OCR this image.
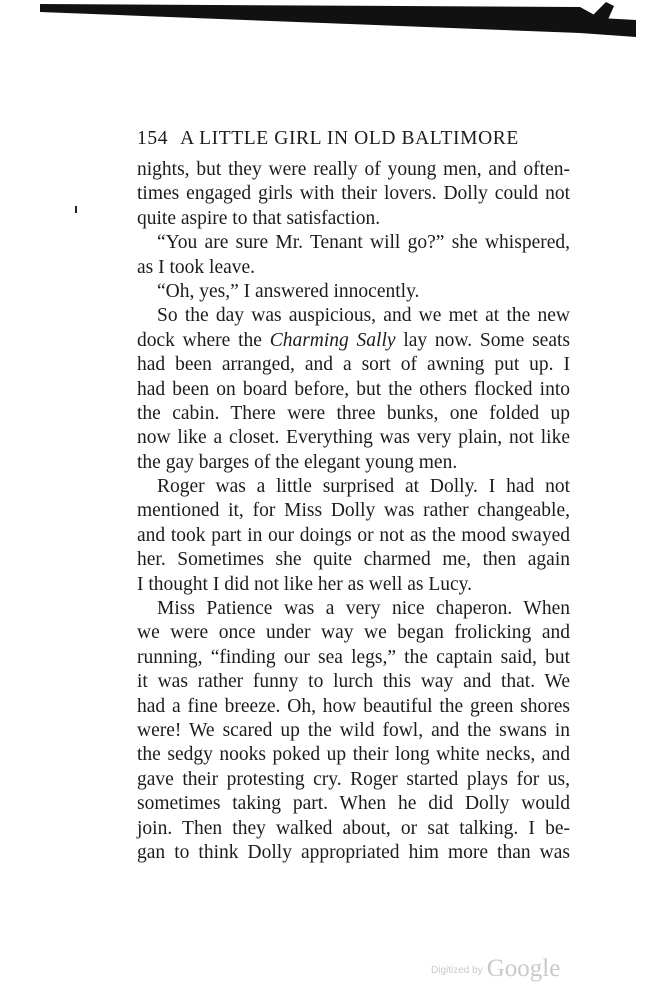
154 A LITTLE GIRL IN OLD BALTIMORE
nights, but they were really of young men, and often-
times engaged girls with their lovers. Dolly could not
quite aspire to that satisfaction.
“You are sure Mr. Tenant will go?” she whispered,
as I took leave.
“Oh, yes,” I answered innocently.
So the day was auspicious, and we met at the new
dock where the Charming Sally lay now. Some seats
had been arranged, and a sort of awning put up. I
had been on board before, but the others flocked into
the cabin. There were three bunks, one folded up
now like a closet. Everything was very plain, not like
the gay barges of the elegant young men.
Roger was a little surprised at Dolly. I had not
mentioned it, for Miss Dolly was rather changeable,
and took part in our doings or not as the mood swayed
her. Sometimes she quite charmed me, then again
I thought I did not like her as well as Lucy.
Miss Patience was a very nice chaperon. When
we were once under way we began frolicking and
running, “finding our sea legs,” the captain said, but
it was rather funny to lurch this way and that. We
had a fine breeze. Oh, how beautiful the green shores
were! We scared up the wild fowl, and the swans in
the sedgy nooks poked up their long white necks, and
gave their protesting cry. Roger started plays for us,
sometimes taking part. When he did Dolly would
join. Then they walked about, or sat talking. I be-
gan to think Dolly appropriated him more than was
Digitized by Google
